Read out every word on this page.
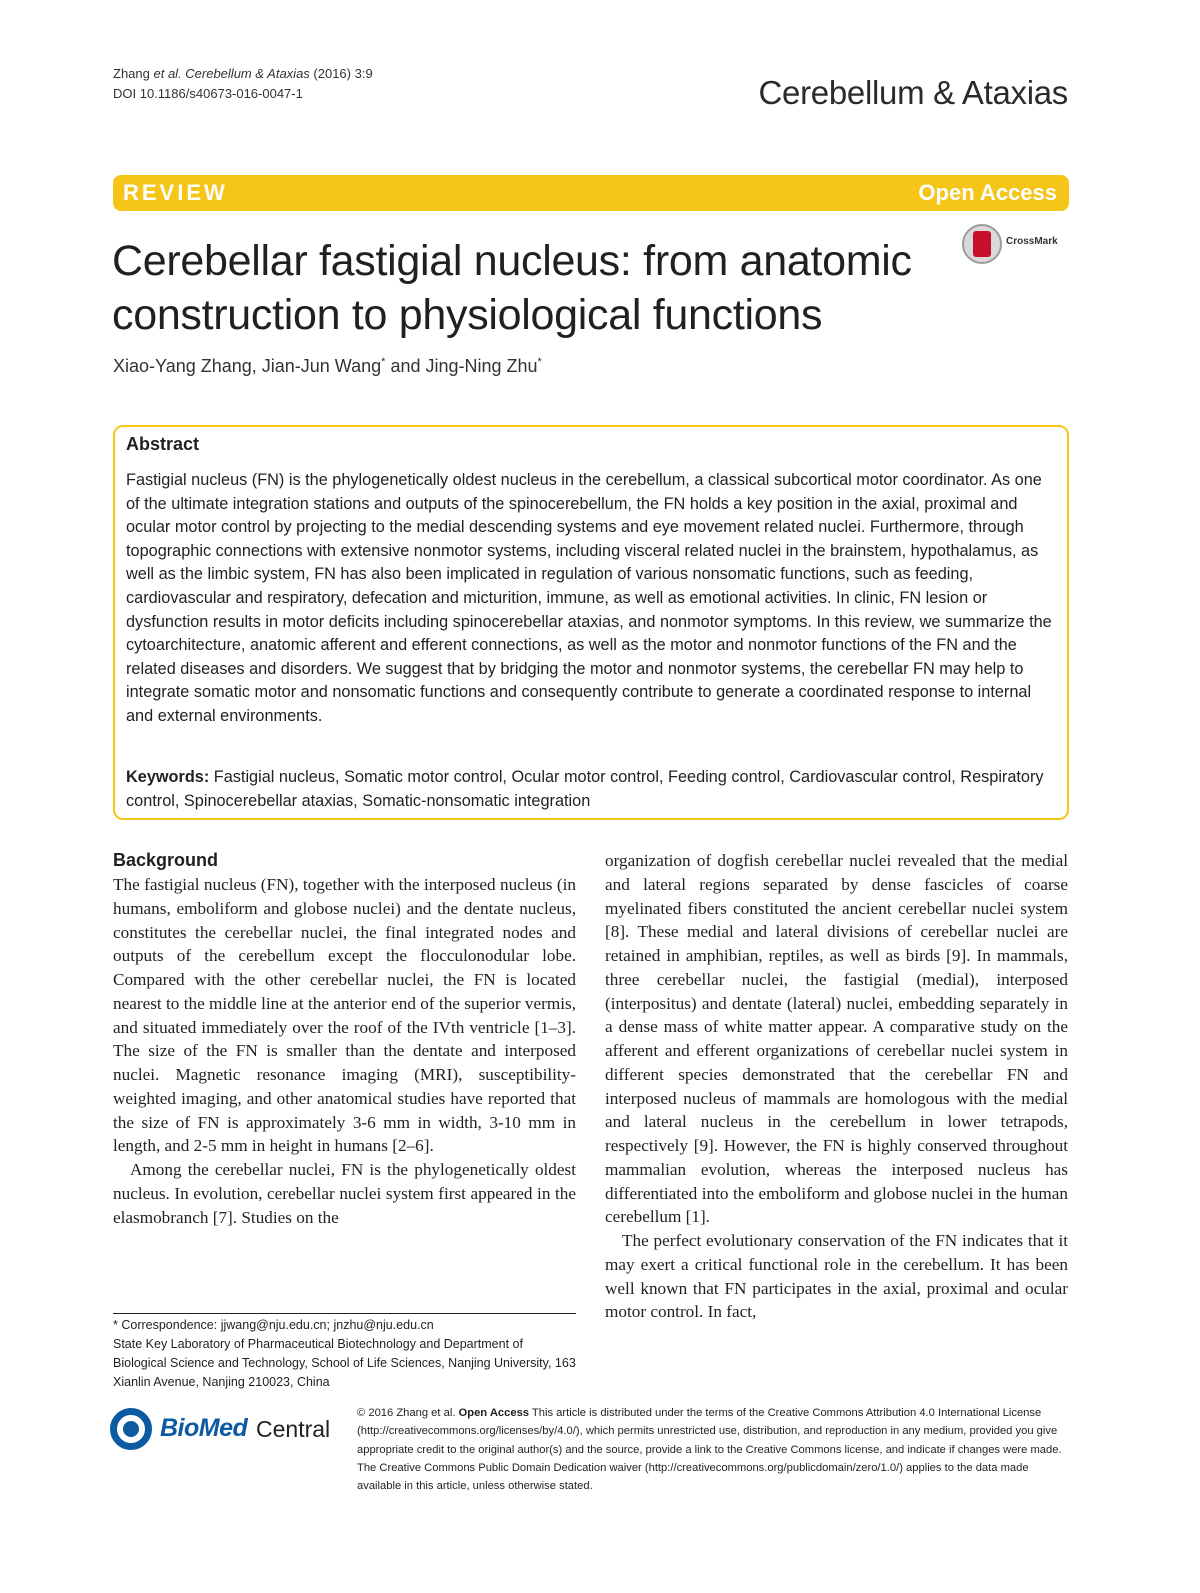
Zhang et al. Cerebellum & Ataxias (2016) 3:9
DOI 10.1186/s40673-016-0047-1	Cerebellum & Ataxias
REVIEW	Open Access
Cerebellar fastigial nucleus: from anatomic construction to physiological functions
CrossMark
Xiao-Yang Zhang, Jian-Jun Wang* and Jing-Ning Zhu*
Abstract
Fastigial nucleus (FN) is the phylogenetically oldest nucleus in the cerebellum, a classical subcortical motor coordinator. As one of the ultimate integration stations and outputs of the spinocerebellum, the FN holds a key position in the axial, proximal and ocular motor control by projecting to the medial descending systems and eye movement related nuclei. Furthermore, through topographic connections with extensive nonmotor systems, including visceral related nuclei in the brainstem, hypothalamus, as well as the limbic system, FN has also been implicated in regulation of various nonsomatic functions, such as feeding, cardiovascular and respiratory, defecation and micturition, immune, as well as emotional activities. In clinic, FN lesion or dysfunction results in motor deficits including spinocerebellar ataxias, and nonmotor symptoms. In this review, we summarize the cytoarchitecture, anatomic afferent and efferent connections, as well as the motor and nonmotor functions of the FN and the related diseases and disorders. We suggest that by bridging the motor and nonmotor systems, the cerebellar FN may help to integrate somatic motor and nonsomatic functions and consequently contribute to generate a coordinated response to internal and external environments.
Keywords: Fastigial nucleus, Somatic motor control, Ocular motor control, Feeding control, Cardiovascular control, Respiratory control, Spinocerebellar ataxias, Somatic-nonsomatic integration
Background

The fastigial nucleus (FN), together with the interposed nucleus (in humans, emboliform and globose nuclei) and the dentate nucleus, constitutes the cerebellar nuclei, the final integrated nodes and outputs of the cerebellum except the flocculonodular lobe. Compared with the other cerebellar nuclei, the FN is located nearest to the middle line at the anterior end of the superior vermis, and situated immediately over the roof of the IVth ventricle [1–3]. The size of the FN is smaller than the dentate and interposed nuclei. Magnetic resonance imaging (MRI), susceptibility-weighted imaging, and other anatomical studies have reported that the size of FN is approximately 3-6 mm in width, 3-10 mm in length, and 2-5 mm in height in humans [2–6].

Among the cerebellar nuclei, FN is the phylogenetically oldest nucleus. In evolution, cerebellar nuclei system first appeared in the elasmobranch [7]. Studies on the

organization of dogfish cerebellar nuclei revealed that the medial and lateral regions separated by dense fascicles of coarse myelinated fibers constituted the ancient cerebellar nuclei system [8]. These medial and lateral divisions of cerebellar nuclei are retained in amphibian, reptiles, as well as birds [9]. In mammals, three cerebellar nuclei, the fastigial (medial), interposed (interpositus) and dentate (lateral) nuclei, embedding separately in a dense mass of white matter appear. A comparative study on the afferent and efferent organizations of cerebellar nuclei system in different species demonstrated that the cerebellar FN and interposed nucleus of mammals are homologous with the medial and lateral nucleus in the cerebellum in lower tetrapods, respectively [9]. However, the FN is highly conserved throughout mammalian evolution, whereas the interposed nucleus has differentiated into the emboliform and globose nuclei in the human cerebellum [1].

The perfect evolutionary conservation of the FN indicates that it may exert a critical functional role in the cerebellum. It has been well known that FN participates in the axial, proximal and ocular motor control. In fact,

* Correspondence: jjwang@nju.edu.cn; jnzhu@nju.edu.cn
State Key Laboratory of Pharmaceutical Biotechnology and Department of Biological Science and Technology, School of Life Sciences, Nanjing University, 163 Xianlin Avenue, Nanjing 210023, China
BioMed Central
© 2016 Zhang et al. Open Access This article is distributed under the terms of the Creative Commons Attribution 4.0 International License (http://creativecommons.org/licenses/by/4.0/), which permits unrestricted use, distribution, and reproduction in any medium, provided you give appropriate credit to the original author(s) and the source, provide a link to the Creative Commons license, and indicate if changes were made. The Creative Commons Public Domain Dedication waiver (http://creativecommons.org/publicdomain/zero/1.0/) applies to the data made available in this article, unless otherwise stated.
